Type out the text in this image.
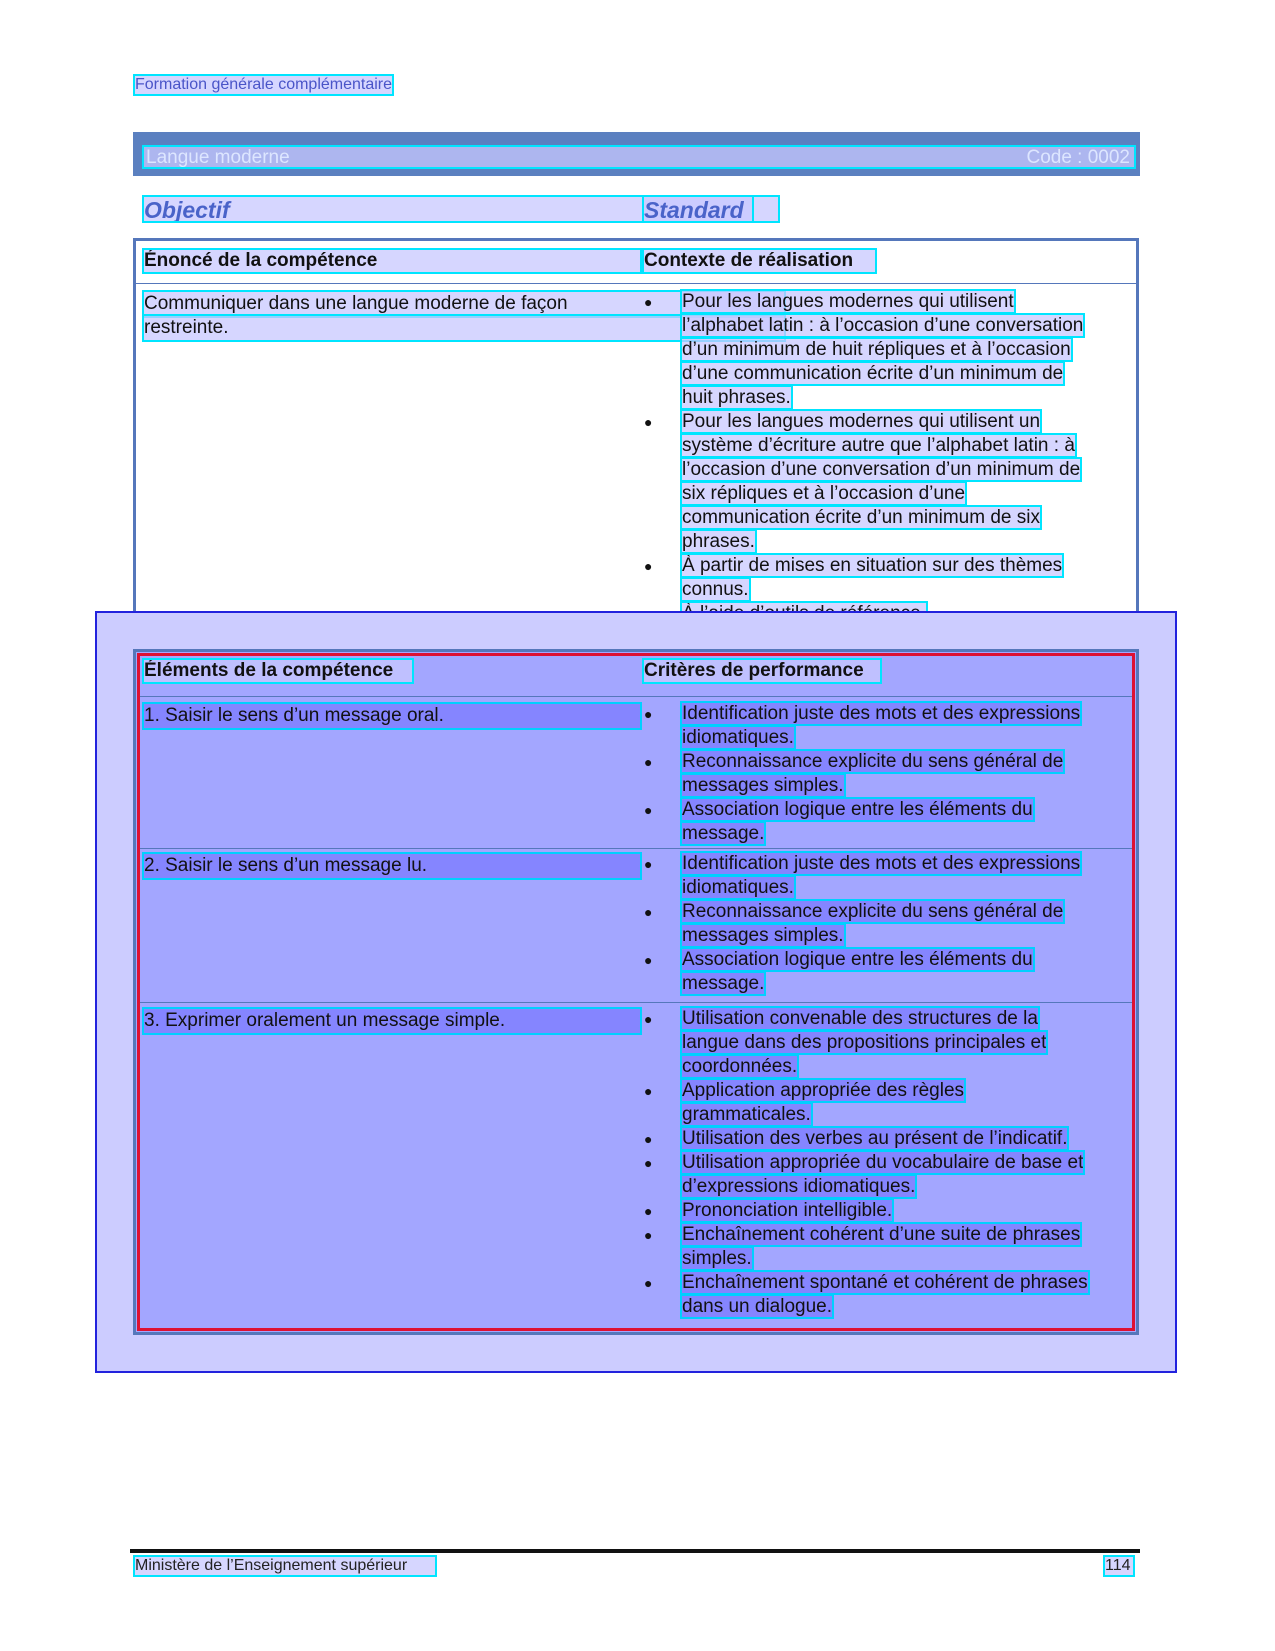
Formation générale complémentaire
Langue moderne	Code : 0002
Objectif	Standard
Énoncé de la compétence	Contexte de réalisation
Communiquer dans une langue moderne de façon
restreinte.
●	Pour les langues modernes qui utilisent
l’alphabet latin : à l’occasion d’une conversation
d’un minimum de huit répliques et à l’occasion
d’une communication écrite d’un minimum de
huit phrases.
●	Pour les langues modernes qui utilisent un
système d’écriture autre que l’alphabet latin : à
l’occasion d’une conversation d’un minimum de
six répliques et à l’occasion d’une
communication écrite d’un minimum de six
phrases.
●	À partir de mises en situation sur des thèmes
connus.
Éléments de la compétence	Critères de performance
1. Saisir le sens d’un message oral.	●	Identification juste des mots et des expressions
idiomatiques.
●	Reconnaissance explicite du sens général de
messages simples.
●	Association logique entre les éléments du
message.
2. Saisir le sens d’un message lu.	●	Identification juste des mots et des expressions
idiomatiques.
●	Reconnaissance explicite du sens général de
messages simples.
●	Association logique entre les éléments du
message.
3. Exprimer oralement un message simple.	●	Utilisation convenable des structures de la
langue dans des propositions principales et
coordonnées.
●	Application appropriée des règles
grammaticales.
●	Utilisation des verbes au présent de l’indicatif.
●	Utilisation appropriée du vocabulaire de base et
d’expressions idiomatiques.
●	Prononciation intelligible.
●	Enchaînement cohérent d’une suite de phrases
simples.
●	Enchaînement spontané et cohérent de phrases
dans un dialogue.
Ministère de l’Enseignement supérieur	114
